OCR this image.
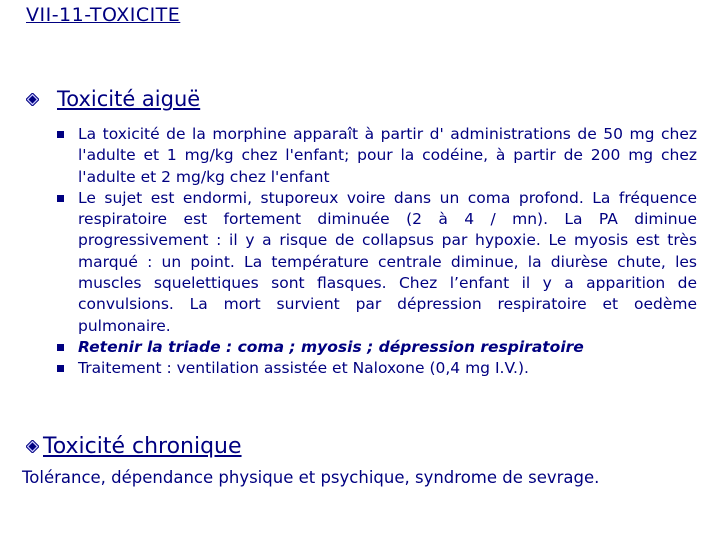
VII-11-TOXICITE
Toxicité aiguë
La toxicité de la morphine apparaît à partir d' administrations de 50 mg chez l'adulte et 1 mg/kg chez l'enfant; pour la codéine, à partir de 200 mg chez l'adulte et 2 mg/kg chez l'enfant
Le sujet est endormi, stuporeux voire dans un coma profond. La fréquence respiratoire est fortement diminuée (2 à 4 / mn). La PA diminue progressivement : il y a risque de collapsus par hypoxie. Le myosis est très marqué : un point. La température centrale diminue, la diurèse chute, les muscles squelettiques sont flasques. Chez l’enfant il y a apparition de convulsions. La mort survient par dépression respiratoire et oedème pulmonaire.
Retenir la triade : coma ; myosis ; dépression respiratoire
Traitement : ventilation assistée et Naloxone (0,4 mg I.V.).
Toxicité chronique
Tolérance, dépendance physique et psychique, syndrome de sevrage.
